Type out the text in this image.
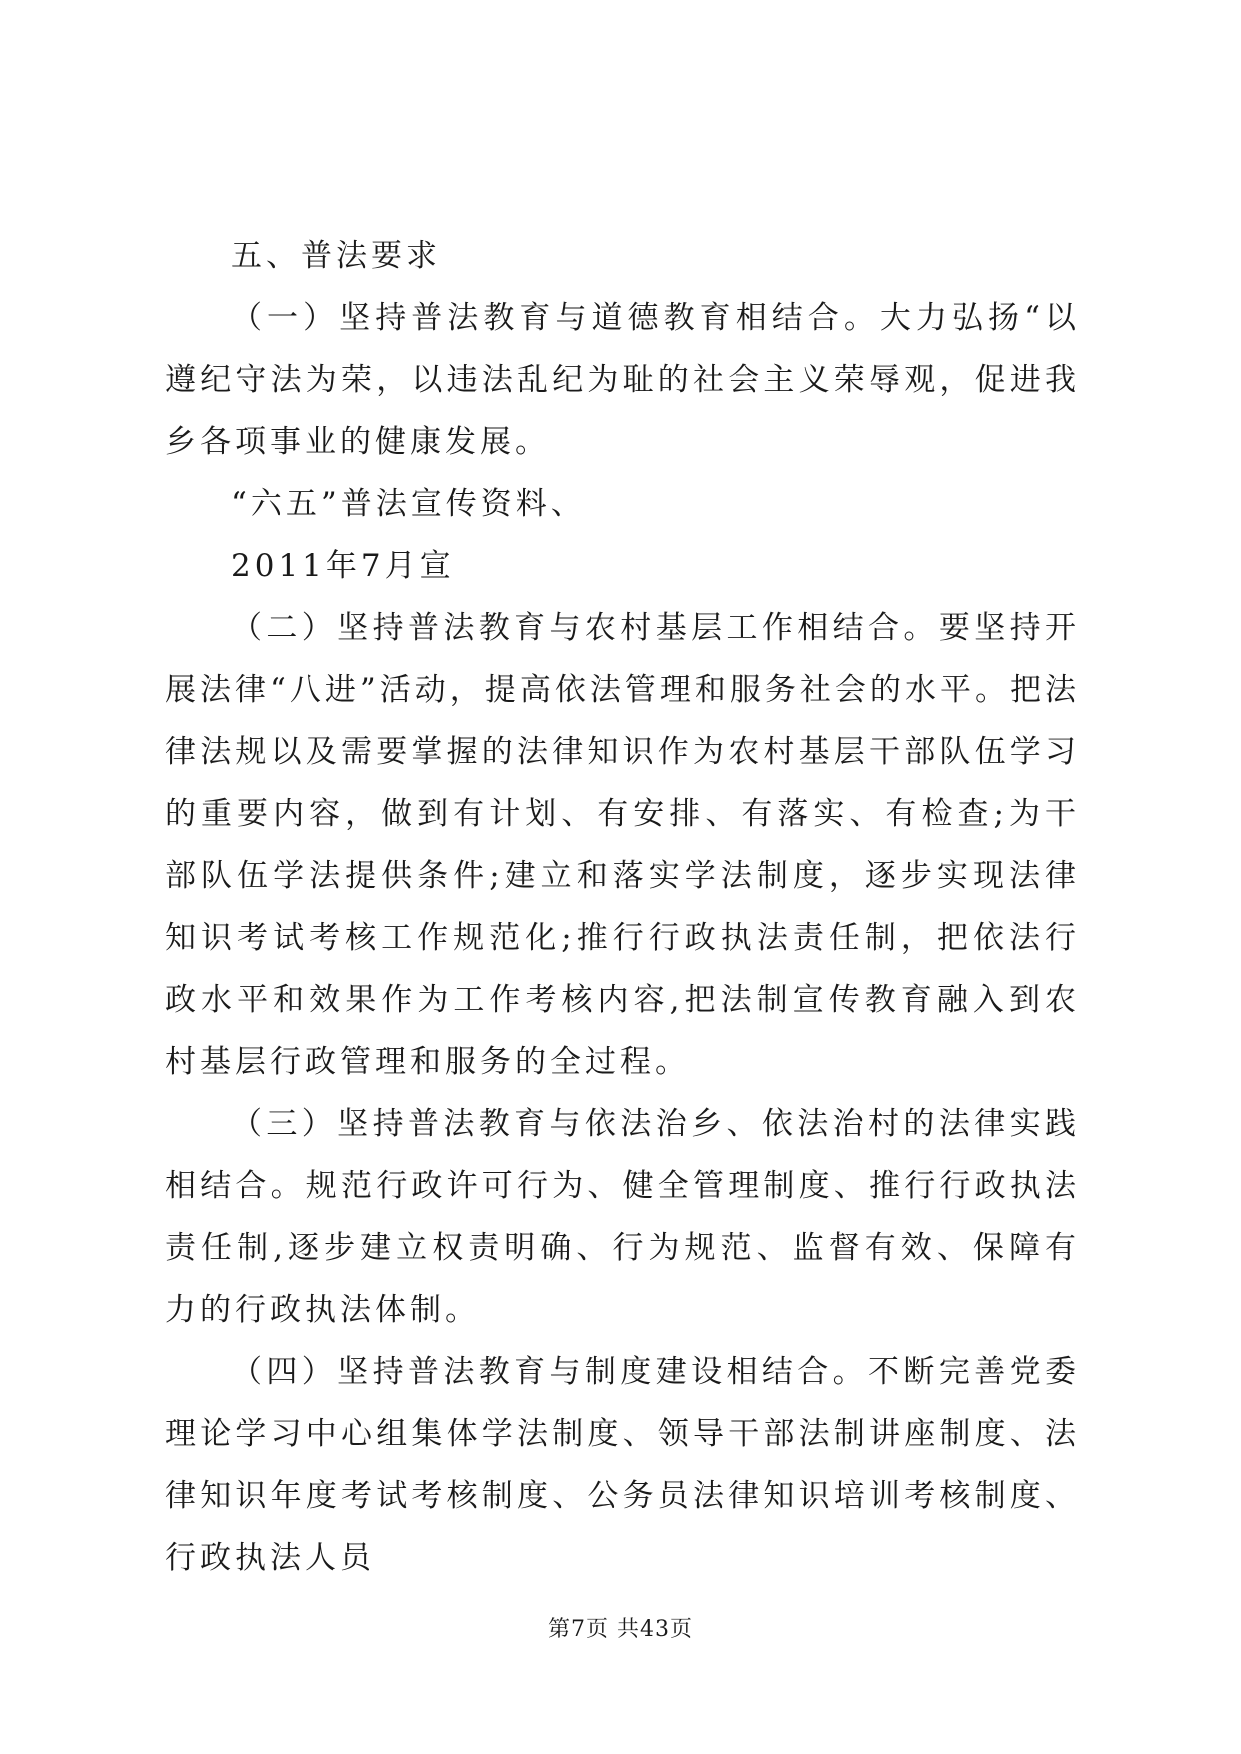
五、普法要求

（一）坚持普法教育与道德教育相结合。大力弘扬“以遵纪守法为荣，以违法乱纪为耻的社会主义荣辱观，促进我乡各项事业的健康发展。

“六五”普法宣传资料、

2011年7月宣

（二）坚持普法教育与农村基层工作相结合。要坚持开展法律“八进”活动，提高依法管理和服务社会的水平。把法律法规以及需要掌握的法律知识作为农村基层干部队伍学习的重要内容，做到有计划、有安排、有落实、有检查;为干部队伍学法提供条件;建立和落实学法制度，逐步实现法律知识考试考核工作规范化;推行行政执法责任制，把依法行政水平和效果作为工作考核内容,把法制宣传教育融入到农村基层行政管理和服务的全过程。

（三）坚持普法教育与依法治乡、依法治村的法律实践相结合。规范行政许可行为、健全管理制度、推行行政执法责任制,逐步建立权责明确、行为规范、监督有效、保障有力的行政执法体制。

（四）坚持普法教育与制度建设相结合。不断完善党委理论学习中心组集体学法制度、领导干部法制讲座制度、法律知识年度考试考核制度、公务员法律知识培训考核制度、行政执法人员

第7页 共43页
